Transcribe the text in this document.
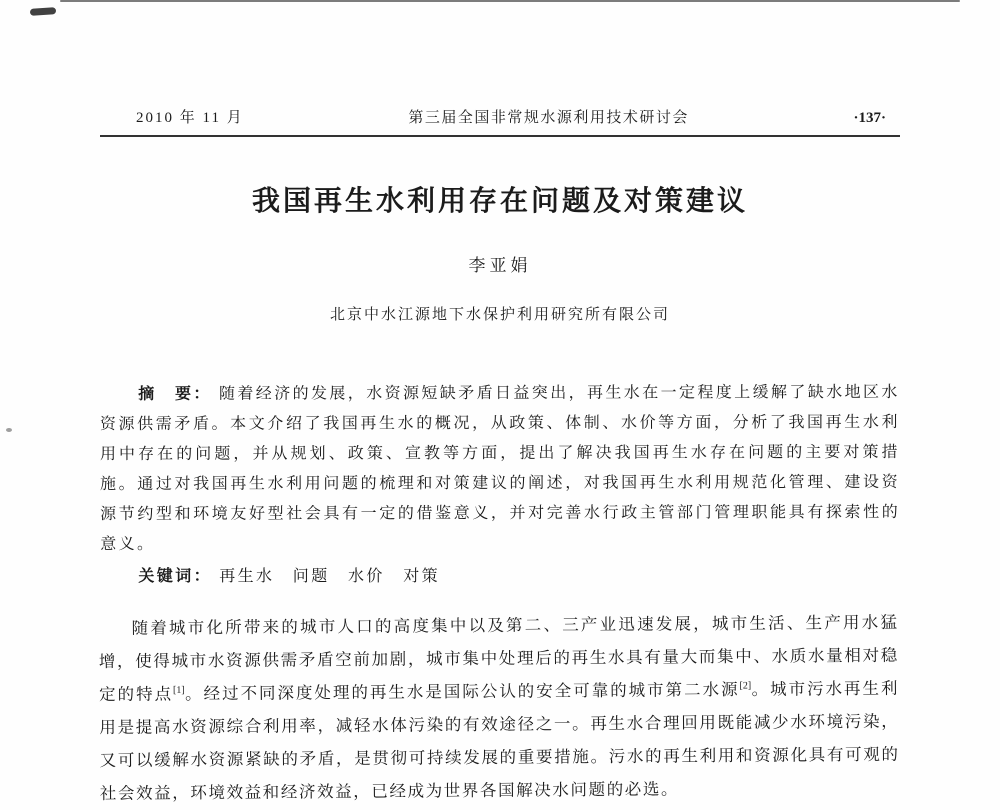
2010 年 11 月	第三届全国非常规水源利用技术研讨会	·137·
我国再生水利用存在问题及对策建议
李亚娟
北京中水江源地下水保护利用研究所有限公司

摘　要： 随着经济的发展，水资源短缺矛盾日益突出，再生水在一定程度上缓解了缺水地区水资源供需矛盾。本文介绍了我国再生水的概况，从政策、体制、水价等方面，分析了我国再生水利用中存在的问题，并从规划、政策、宣教等方面，提出了解决我国再生水存在问题的主要对策措施。通过对我国再生水利用问题的梳理和对策建议的阐述，对我国再生水利用规范化管理、建设资源节约型和环境友好型社会具有一定的借鉴意义，并对完善水行政主管部门管理职能具有探索性的意义。

关键词： 再生水　问题　水价　对策

随着城市化所带来的城市人口的高度集中以及第二、三产业迅速发展，城市生活、生产用水猛增，使得城市水资源供需矛盾空前加剧，城市集中处理后的再生水具有量大而集中、水质水量相对稳定的特点[1]。经过不同深度处理的再生水是国际公认的安全可靠的城市第二水源[2]。城市污水再生利用是提高水资源综合利用率，减轻水体污染的有效途径之一。再生水合理回用既能减少水环境污染，又可以缓解水资源紧缺的矛盾，是贯彻可持续发展的重要措施。污水的再生利用和资源化具有可观的社会效益，环境效益和经济效益，已经成为世界各国解决水问题的必选。
